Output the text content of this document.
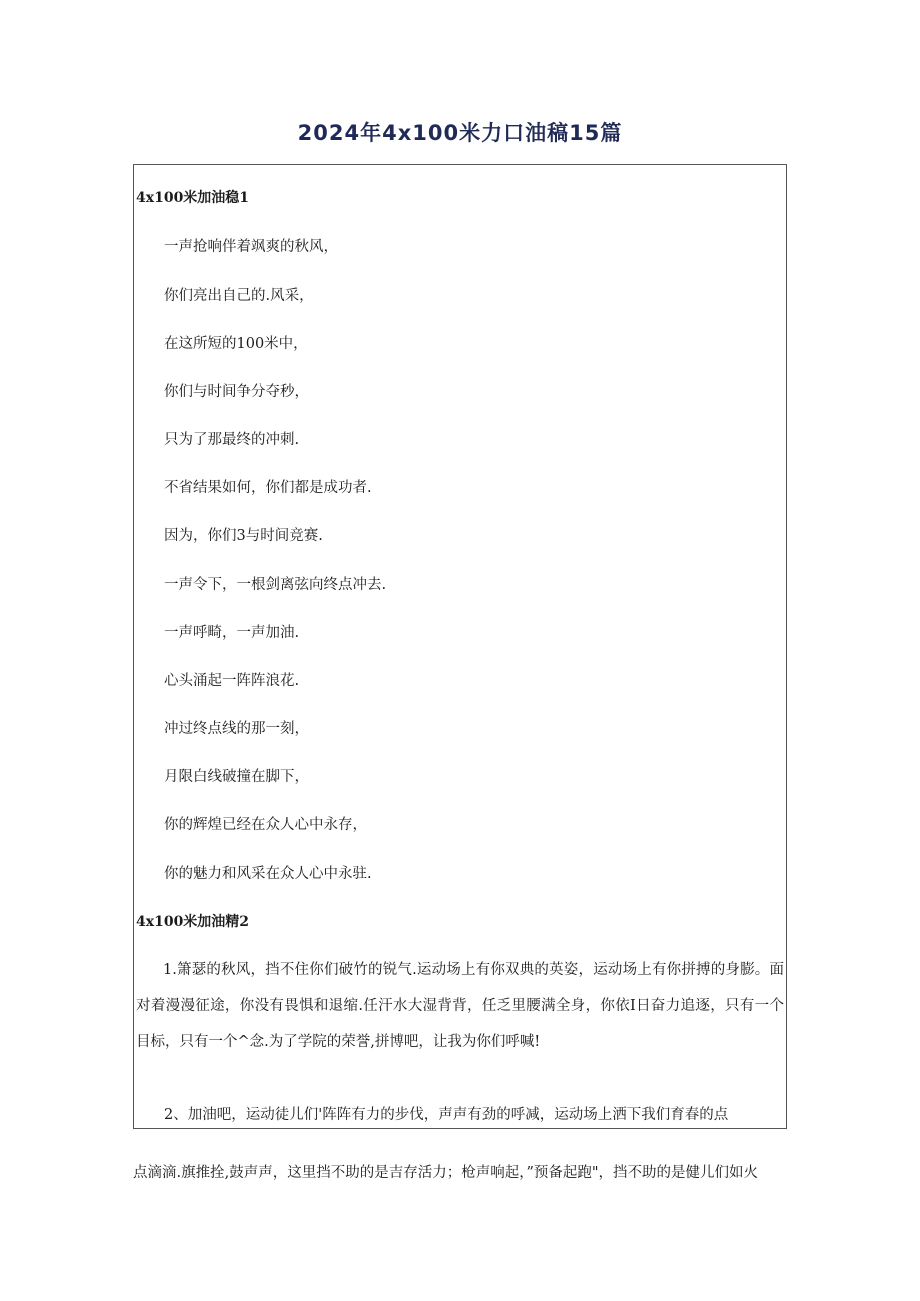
2024年4x100米力口油稿15篇
4x100米加油稳1
一声抢响伴着飒爽的秋风，
你们亮出自己的.风采，
在这所短的100米中，
你们与时间争分夺秒，
只为了那最终的冲刺.
不省结果如何，你们都是成功者.
因为，你们3与时间竞赛.
一声令下，一根剑离弦向终点冲去.
一声呼畸，一声加油.
心头涌起一阵阵浪花.
冲过终点线的那一刻，
月限白线破撞在脚下，
你的辉煌已经在众人心中永存，
你的魅力和风采在众人心中永驻.
4x100米加油精2
1.箫瑟的秋风，挡不住你们破竹的锐气.运动场上有你双典的英姿，运动场上有你拼搏的身膨。面对着漫漫征途，你没有畏惧和退缩.任汗水大湿背背，任乏里腰满全身，你依I日奋力追逐，只有一个目标，只有一个^念.为了学院的荣誉,拼博吧，让我为你们呼喊!
2、加油吧，运动徒儿们'阵阵有力的步伐，声声有劲的呼减，运动场上洒下我们育春的点
点滴滴.旗推拴,鼓声声，这里挡不助的是吉存活力；枪声响起，”预备起跑"，挡不助的是健儿们如火
